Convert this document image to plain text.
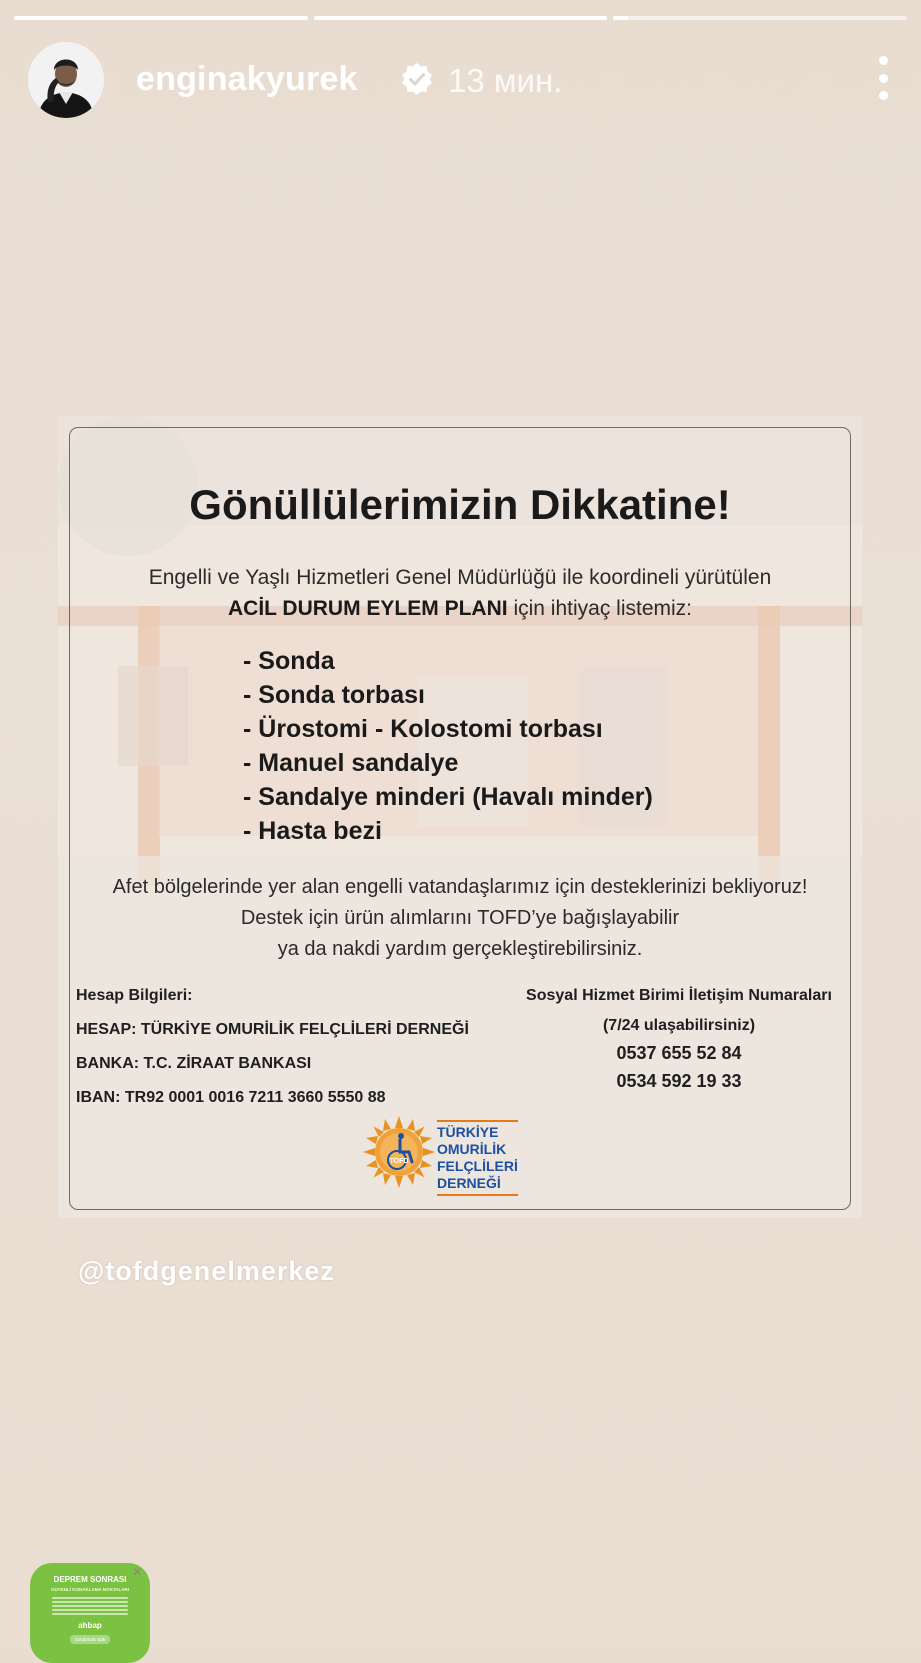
enginakyurek	13 мин.
Gönüllülerimizin Dikkatine!
Engelli ve Yaşlı Hizmetleri Genel Müdürlüğü ile koordineli yürütülen
ACİL DURUM EYLEM PLANI için ihtiyaç listemiz:
- Sonda
- Sonda torbası
- Ürostomi - Kolostomi torbası
- Manuel sandalye
- Sandalye minderi (Havalı minder)
- Hasta bezi
Afet bölgelerinde yer alan engelli vatandaşlarımız için desteklerinizi bekliyoruz!
Destek için ürün alımlarını TOFD’ye bağışlayabilir
ya da nakdi yardım gerçekleştirebilirsiniz.
Hesap Bilgileri:
HESAP: TÜRKİYE OMURİLİK FELÇLİLERİ DERNEĞİ
BANKA: T.C. ZİRAAT BANKASI
IBAN: TR92 0001 0016 7211 3660 5550 88
Sosyal Hizmet Birimi İletişim Numaraları
(7/24 ulaşabilirsiniz)
0537 655 52 84
0534 592 19 33
TOFD
TÜRKİYE
OMURİLİK
FELÇLİLERİ
DERNEĞİ
@tofdgenelmerkez
DEPREM SONRASI
GÜVENLİ KONAKLAMA NOKTALARI
ahbap
Şimdi Bak! Bak
✕
